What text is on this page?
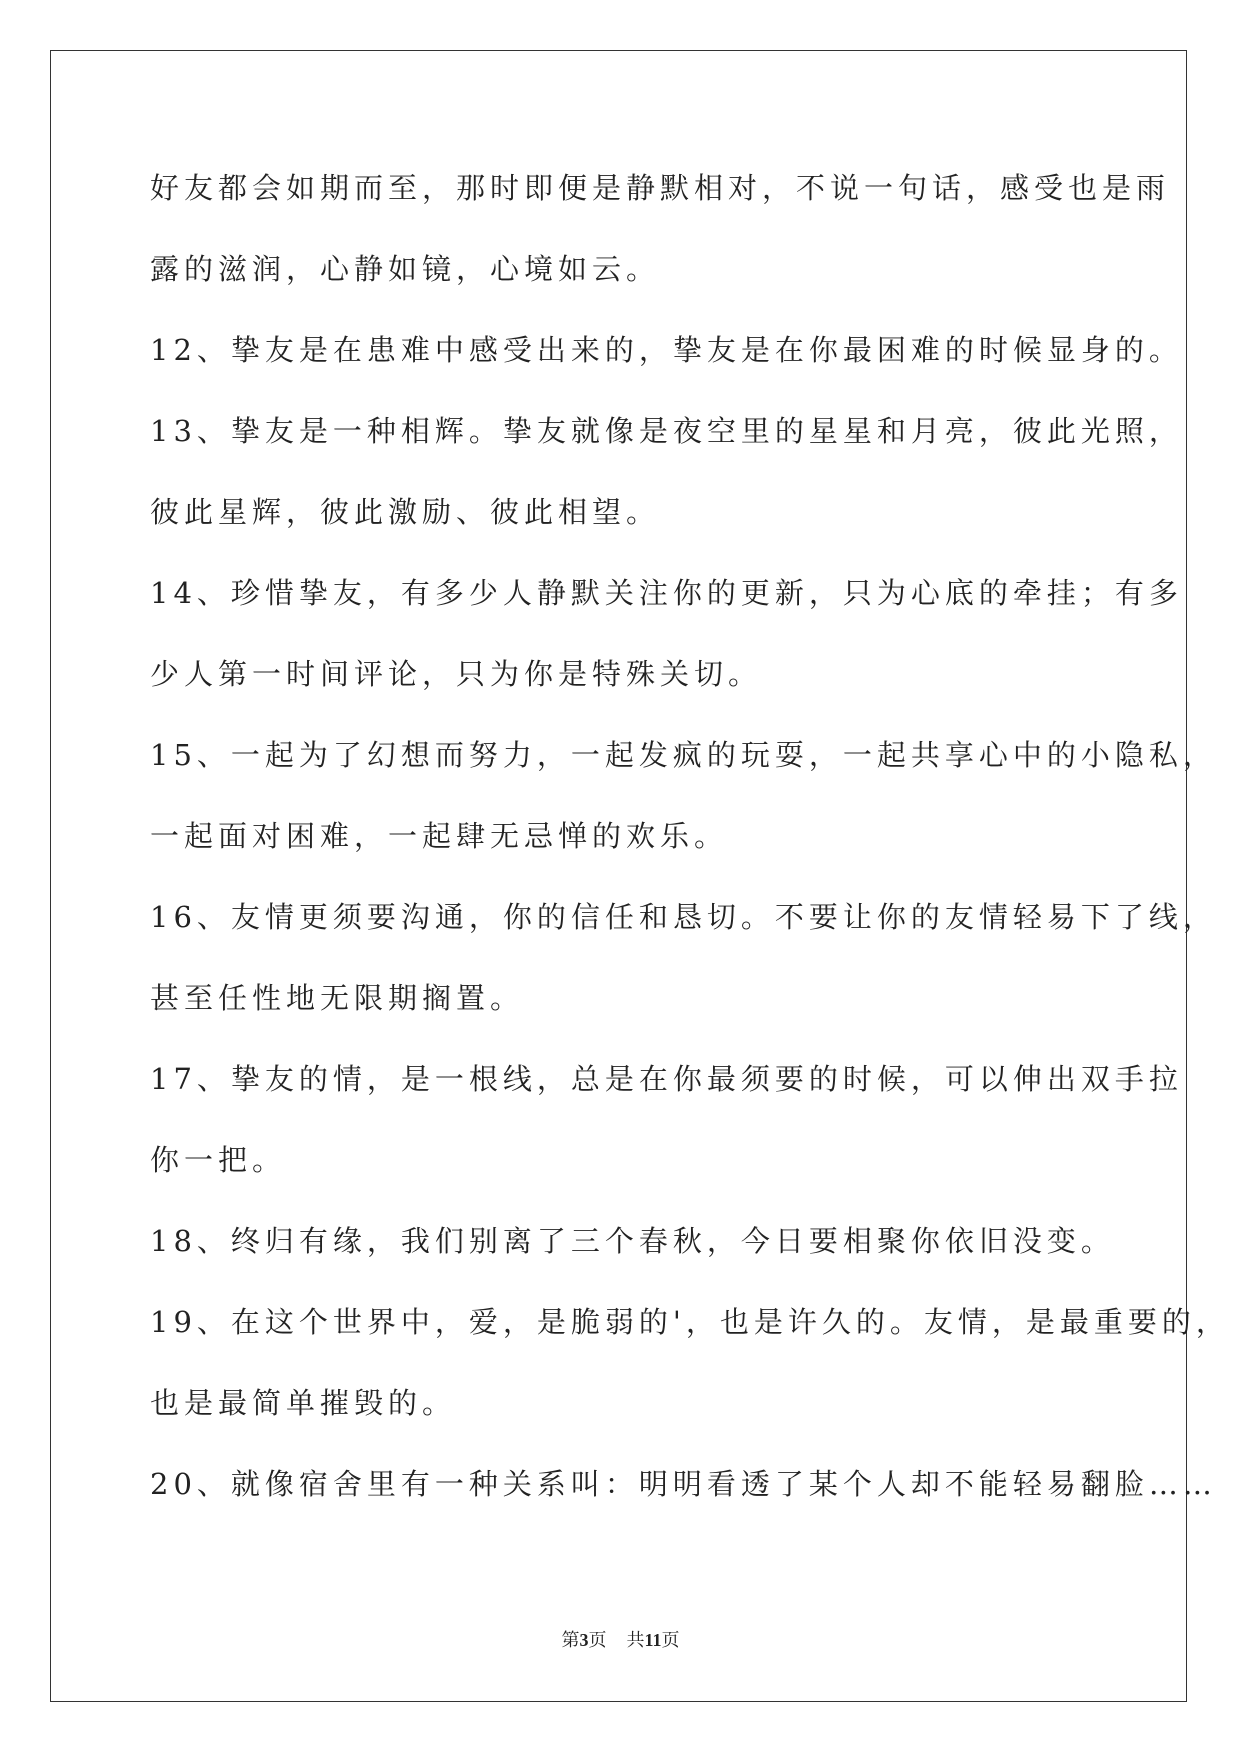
好友都会如期而至，那时即便是静默相对，不说一句话，感受也是雨
露的滋润，心静如镜，心境如云。
12、挚友是在患难中感受出来的，挚友是在你最困难的时候显身的。
13、挚友是一种相辉。挚友就像是夜空里的星星和月亮，彼此光照，
彼此星辉，彼此激励、彼此相望。
14、珍惜挚友，有多少人静默关注你的更新，只为心底的牵挂；有多
少人第一时间评论，只为你是特殊关切。
15、一起为了幻想而努力，一起发疯的玩耍，一起共享心中的小隐私，
一起面对困难，一起肆无忌惮的欢乐。
16、友情更须要沟通，你的信任和恳切。不要让你的友情轻易下了线，
甚至任性地无限期搁置。
17、挚友的情，是一根线，总是在你最须要的时候，可以伸出双手拉
你一把。
18、终归有缘，我们别离了三个春秋，今日要相聚你依旧没变。
19、在这个世界中，爱，是脆弱的'，也是许久的。友情，是最重要的，
也是最简单摧毁的。
20、就像宿舍里有一种关系叫：明明看透了某个人却不能轻易翻脸……
第3页 共11页
